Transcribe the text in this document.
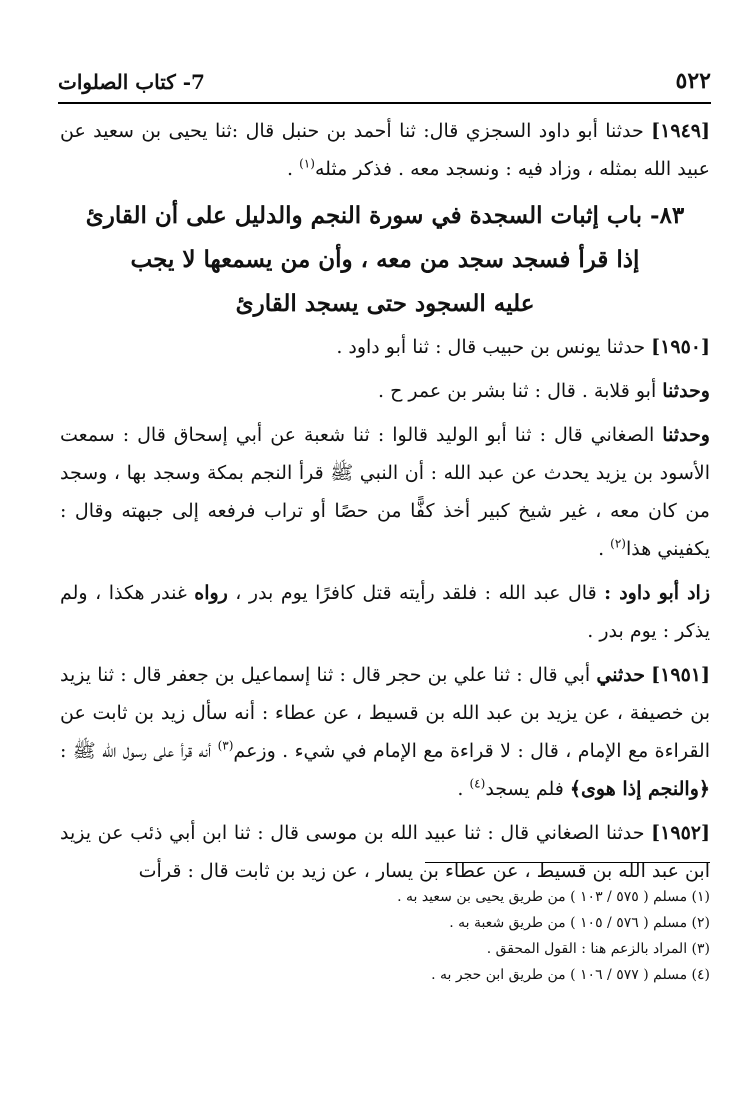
٥٢٢
7- كتاب الصلوات

[١٩٤٩] حدثنا أبو داود السجزي قال: ثنا أحمد بن حنبل قال :ثنا يحيى بن سعيد عن عبيد الله بمثله ، وزاد فيه : ونسجد معه . فذكر مثله$^{(١)}$ .

٨٣- باب إثبات السجدة في سورة النجم والدليل على أن القارئ
إذا قرأ فسجد سجد من معه ، وأن من يسمعها لا يجب
عليه السجود حتى يسجد القارئ

[١٩٥٠] حدثنا يونس بن حبيب قال : ثنا أبو داود .

وحدثنا أبو قلابة . قال : ثنا بشر بن عمر ح .

وحدثنا الصغاني قال : ثنا أبو الوليد قالوا : ثنا شعبة عن أبي إسحاق قال : سمعت الأسود بن يزيد يحدث عن عبد الله : أن النبي ﷺ قرأ النجم بمكة وسجد بها ، وسجد من كان معه ، غير شيخ كبير أخذ كفًّا من حصًا أو تراب فرفعه إلى جبهته وقال : يكفيني هذا$^{(٢)}$ .

زاد أبو داود : قال عبد الله : فلقد رأيته قتل كافرًا يوم بدر ، رواه غندر هكذا ، ولم يذكر : يوم بدر .

[١٩٥١] حدثني أبي قال : ثنا علي بن حجر قال : ثنا إسماعيل بن جعفر قال : ثنا يزيد بن خصيفة ، عن يزيد بن عبد الله بن قسيط ، عن عطاء : أنه سأل زيد بن ثابت عن القراءة مع الإمام ، قال : لا قراءة مع الإمام في شيء . وزعم$^{(٣)}$ أنه قرأ على رسول الله ﷺ : ﴿والنجم إذا هوى﴾ فلم يسجد$^{(٤)}$ .

[١٩٥٢] حدثنا الصغاني قال : ثنا عبيد الله بن موسى قال : ثنا ابن أبي ذئب عن يزيد ابن عبد الله بن قسيط ، عن عطاء بن يسار ، عن زيد بن ثابت قال : قرأت

(١) مسلم ( ٥٧٥ / ١٠٣ ) من طريق يحيى بن سعيد به .
(٢) مسلم ( ٥٧٦ / ١٠٥ ) من طريق شعبة به .
(٣) المراد بالزعم هنا : القول المحقق .
(٤) مسلم ( ٥٧٧ / ١٠٦ ) من طريق ابن حجر به .
